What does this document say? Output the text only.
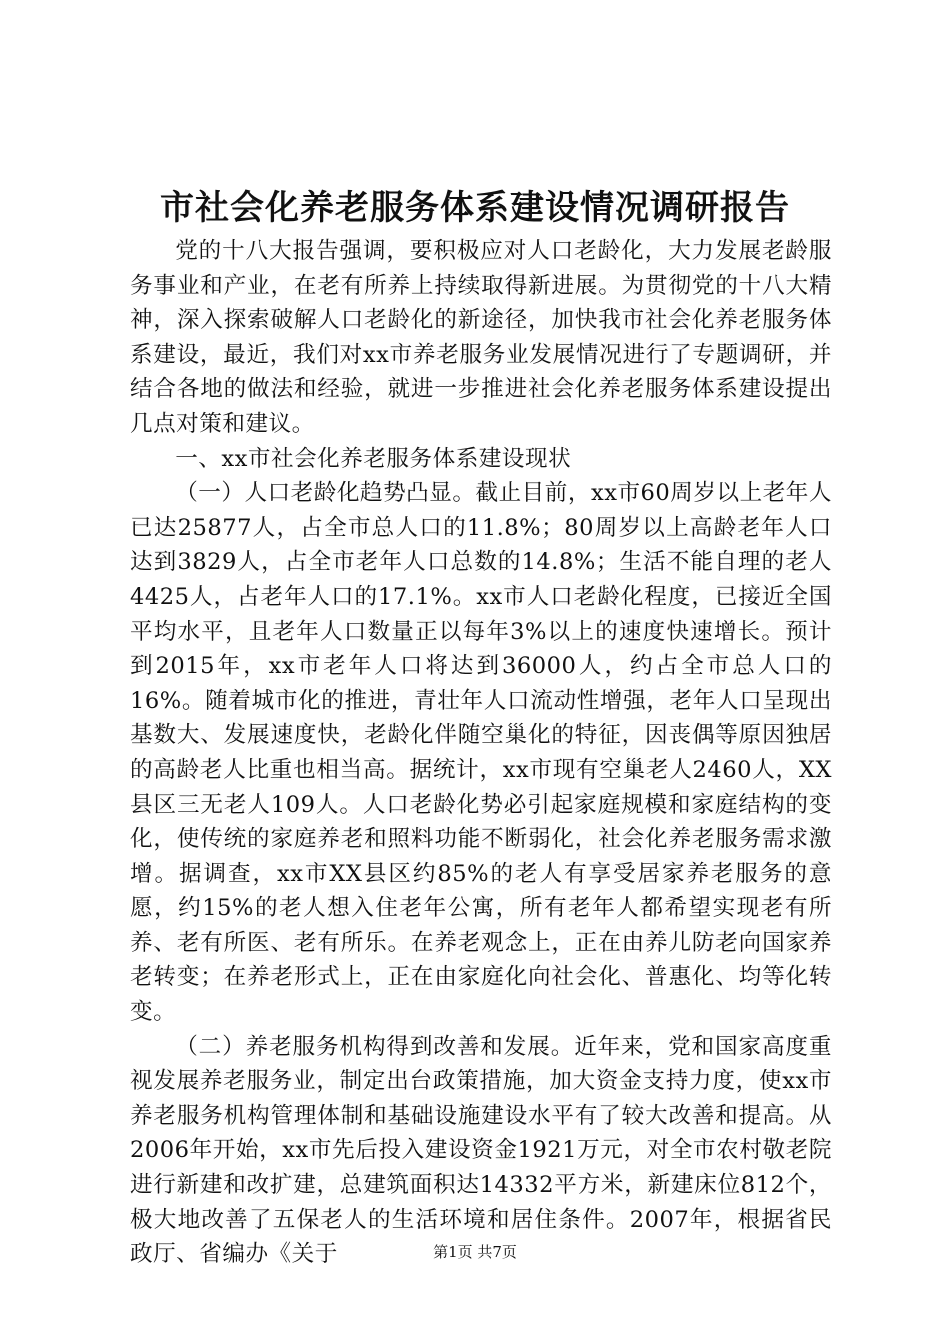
市社会化养老服务体系建设情况调研报告

党的十八大报告强调，要积极应对人口老龄化，大力发展老龄服务事业和产业，在老有所养上持续取得新进展。为贯彻党的十八大精神，深入探索破解人口老龄化的新途径，加快我市社会化养老服务体系建设，最近，我们对xx市养老服务业发展情况进行了专题调研，并结合各地的做法和经验，就进一步推进社会化养老服务体系建设提出几点对策和建议。

一、xx市社会化养老服务体系建设现状

（一）人口老龄化趋势凸显。截止目前，xx市60周岁以上老年人已达25877人，占全市总人口的11.8%；80周岁以上高龄老年人口达到3829人，占全市老年人口总数的14.8%；生活不能自理的老人4425人，占老年人口的17.1%。xx市人口老龄化程度，已接近全国平均水平，且老年人口数量正以每年3%以上的速度快速增长。预计到2015年，xx市老年人口将达到36000人，约占全市总人口的16%。随着城市化的推进，青壮年人口流动性增强，老年人口呈现出基数大、发展速度快，老龄化伴随空巢化的特征，因丧偶等原因独居的高龄老人比重也相当高。据统计，xx市现有空巢老人2460人，XX县区三无老人109人。人口老龄化势必引起家庭规模和家庭结构的变化，使传统的家庭养老和照料功能不断弱化，社会化养老服务需求激增。据调查，xx市XX县区约85%的老人有享受居家养老服务的意愿，约15%的老人想入住老年公寓，所有老年人都希望实现老有所养、老有所医、老有所乐。在养老观念上，正在由养儿防老向国家养老转变；在养老形式上，正在由家庭化向社会化、普惠化、均等化转变。

（二）养老服务机构得到改善和发展。近年来，党和国家高度重视发展养老服务业，制定出台政策措施，加大资金支持力度，使xx市养老服务机构管理体制和基础设施建设水平有了较大改善和提高。从2006年开始，xx市先后投入建设资金1921万元，对全市农村敬老院进行新建和改扩建，总建筑面积达14332平方米，新建床位812个，极大地改善了五保老人的生活环境和居住条件。2007年，根据省民政厅、省编办《关于	第1页 共7页
